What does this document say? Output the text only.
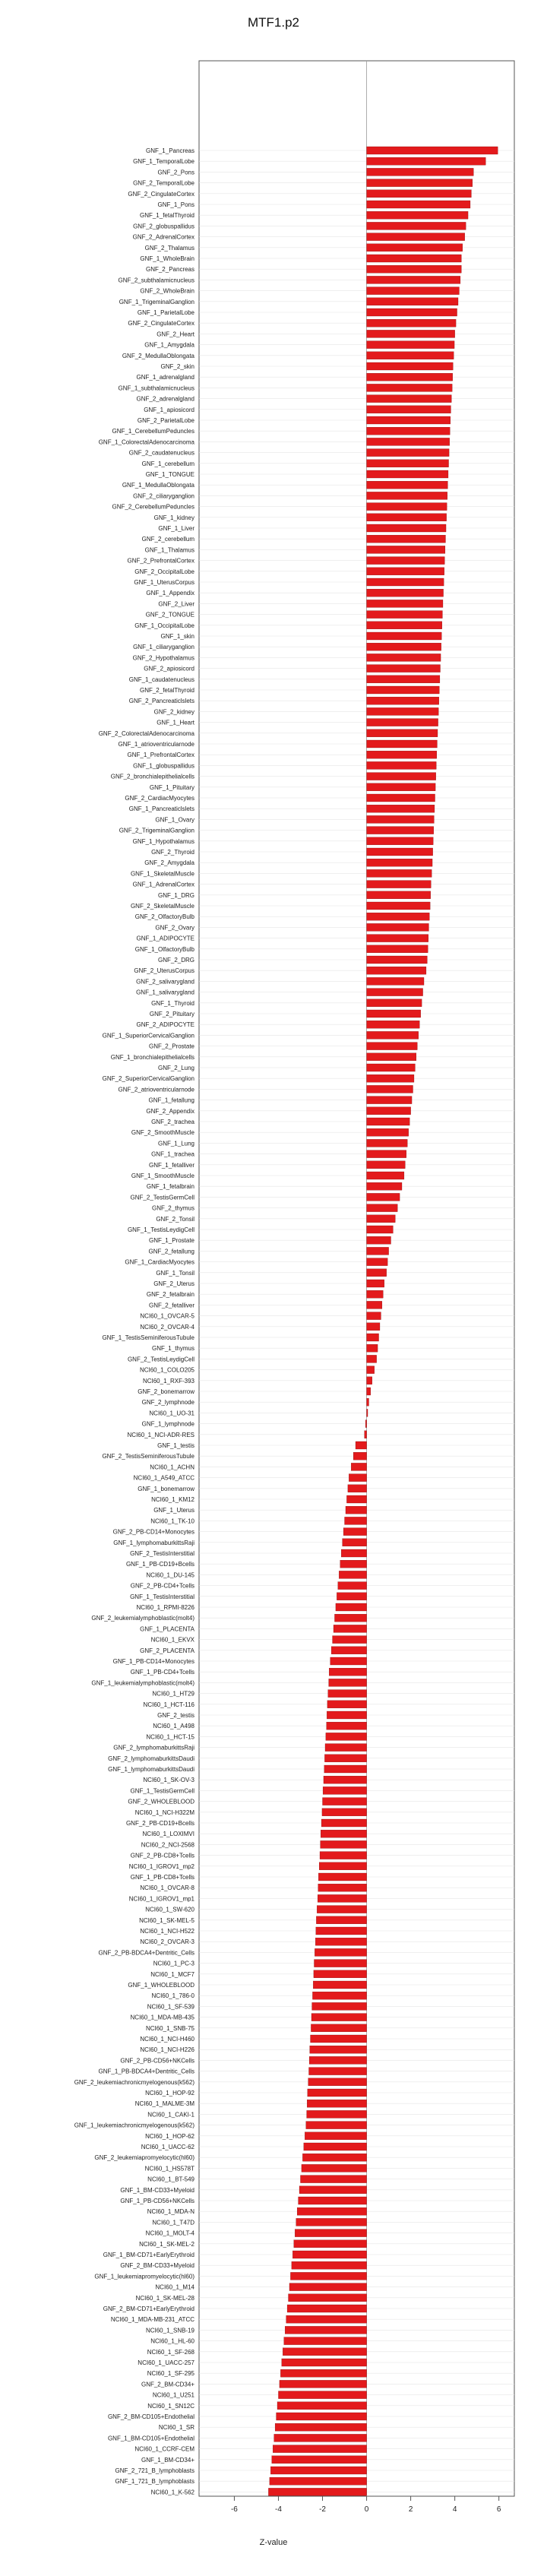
MTF1.p2
GNF_1_Pancreas
GNF_1_TemporalLobe
GNF_2_Pons
GNF_2_TemporalLobe
GNF_2_CingulateCortex
GNF_1_Pons
GNF_1_fetalThyroid
GNF_2_globuspallidus
GNF_2_AdrenalCortex
GNF_2_Thalamus
GNF_1_WholeBrain
GNF_2_Pancreas
GNF_2_subthalamicnucleus
GNF_2_WholeBrain
GNF_1_TrigeminalGanglion
GNF_1_ParietalLobe
GNF_2_CingulateCortex
GNF_2_Heart
GNF_1_Amygdala
GNF_2_MedullaOblongata
GNF_2_skin
GNF_1_adrenalgland
GNF_1_subthalamicnucleus
GNF_2_adrenalgland
GNF_1_apiosicord
GNF_2_ParietalLobe
GNF_1_CerebellumPeduncles
GNF_1_ColorectalAdenocarcinoma
GNF_2_caudatenucleus
GNF_1_cerebellum
GNF_1_TONGUE
GNF_1_MedullaOblongata
GNF_2_ciliaryganglion
GNF_2_CerebellumPeduncles
GNF_1_kidney
GNF_1_Liver
GNF_2_cerebellum
GNF_1_Thalamus
GNF_2_PrefrontalCortex
GNF_2_OccipitalLobe
GNF_1_UterusCorpus
GNF_1_Appendix
GNF_2_Liver
GNF_2_TONGUE
GNF_1_OccipitalLobe
GNF_1_skin
GNF_1_ciliaryganglion
GNF_2_Hypothalamus
GNF_2_apiosicord
GNF_1_caudatenucleus
GNF_2_fetalThyroid
GNF_2_Pancreaticlslets
GNF_2_kidney
GNF_1_Heart
GNF_2_ColorectalAdenocarcinoma
GNF_1_atrioventricularnode
GNF_1_PrefrontalCortex
GNF_1_globuspallidus
GNF_2_bronchialepithelialcells
GNF_1_Pituitary
GNF_2_CardiacMyocytes
GNF_1_Pancreaticlslets
GNF_1_Ovary
GNF_2_TrigeminalGanglion
GNF_1_Hypothalamus
GNF_2_Thyroid
GNF_2_Amygdala
GNF_1_SkeletalMuscle
GNF_1_AdrenalCortex
GNF_1_DRG
GNF_2_SkeletalMuscle
GNF_2_OlfactoryBulb
GNF_2_Ovary
GNF_1_ADIPOCYTE
GNF_1_OlfactoryBulb
GNF_2_DRG
GNF_2_UterusCorpus
GNF_2_salivarygland
GNF_1_salivarygland
GNF_1_Thyroid
GNF_2_Pituitary
GNF_2_ADIPOCYTE
GNF_1_SuperiorCervicalGanglion
GNF_2_Prostate
GNF_1_bronchialepithelialcells
GNF_2_Lung
GNF_2_SuperiorCervicalGanglion
GNF_2_atrioventricularnode
GNF_1_fetallung
GNF_2_Appendix
GNF_2_trachea
GNF_2_SmoothMuscle
GNF_1_Lung
GNF_1_trachea
GNF_1_fetalliver
GNF_1_SmoothMuscle
GNF_1_fetalbrain
GNF_2_TestisGermCell
GNF_2_thymus
GNF_2_Tonsil
GNF_1_TestisLeydigCell
GNF_1_Prostate
GNF_2_fetallung
GNF_1_CardiacMyocytes
GNF_1_Tonsil
GNF_2_Uterus
GNF_2_fetalbrain
GNF_2_fetalliver
NCI60_1_OVCAR-5
NCI60_2_OVCAR-4
GNF_1_TestisSeminiferousTubule
GNF_1_thymus
GNF_2_TestisLeydigCell
NCI60_1_COLO205
NCI60_1_RXF-393
GNF_2_bonemarrow
GNF_2_lymphnode
NCI60_1_UO-31
GNF_1_lymphnode
NCI60_1_NCI-ADR-RES
GNF_1_testis
GNF_2_TestisSeminiferousTubule
NCI60_1_ACHN
NCI60_1_A549_ATCC
GNF_1_bonemarrow
NCI60_1_KM12
GNF_1_Uterus
NCI60_1_TK-10
GNF_2_PB-CD14+Monocytes
GNF_1_lymphomaburkittsRaji
GNF_2_TestisInterstitial
GNF_1_PB-CD19+Bcells
NCI60_1_DU-145
GNF_2_PB-CD4+Tcells
GNF_1_TestisInterstitial
NCI60_1_RPMI-8226
GNF_2_leukemialymphoblastic(molt4)
GNF_1_PLACENTA
NCI60_1_EKVX
GNF_2_PLACENTA
GNF_1_PB-CD14+Monocytes
GNF_1_PB-CD4+Tcells
GNF_1_leukemialymphoblastic(molt4)
NCI60_1_HT29
NCI60_1_HCT-116
GNF_2_testis
NCI60_1_A498
NCI60_1_HCT-15
GNF_2_lymphomaburkittsRaji
GNF_2_lymphomaburkittsDaudi
GNF_1_lymphomaburkittsDaudi
NCI60_1_SK-OV-3
GNF_1_TestisGermCell
GNF_2_WHOLEBLOOD
NCI60_1_NCI-H322M
GNF_2_PB-CD19+Bcells
NCI60_1_LOXIMVI
NCI60_2_NCI-2568
GNF_2_PB-CD8+Tcells
NCI60_1_IGROV1_mp2
GNF_1_PB-CD8+Tcells
NCI60_1_OVCAR-8
NCI60_1_IGROV1_mp1
NCI60_1_SW-620
NCI60_1_SK-MEL-5
NCI60_1_NCI-H522
NCI60_2_OVCAR-3
GNF_2_PB-BDCA4+Dentritic_Cells
NCI60_1_PC-3
NCI60_1_MCF7
GNF_1_WHOLEBLOOD
NCI60_1_786-0
NCI60_1_SF-539
NCI60_1_MDA-MB-435
NCI60_1_SNB-75
NCI60_1_NCI-H460
NCI60_1_NCI-H226
GNF_2_PB-CD56+NKCells
GNF_1_PB-BDCA4+Dentritic_Cells
GNF_2_leukemiachronicmyelogenous(k562)
NCI60_1_HOP-92
NCI60_1_MALME-3M
NCI60_1_CAKI-1
GNF_1_leukemiachronicmyelogenous(k562)
NCI60_1_HOP-62
NCI60_1_UACC-62
GNF_2_leukemiapromyelocytic(hl60)
NCI60_1_HS578T
NCI60_1_BT-549
GNF_1_BM-CD33+Myeloid
GNF_1_PB-CD56+NKCells
NCI60_1_MDA-N
NCI60_1_T47D
NCI60_1_MOLT-4
NCI60_1_SK-MEL-2
GNF_1_BM-CD71+EarlyErythroid
GNF_2_BM-CD33+Myeloid
GNF_1_leukemiapromyelocytic(hl60)
NCI60_1_M14
NCI60_1_SK-MEL-28
GNF_2_BM-CD71+EarlyErythroid
NCI60_1_MDA-MB-231_ATCC
NCI60_1_SNB-19
NCI60_1_HL-60
NCI60_1_SF-268
NCI60_1_UACC-257
NCI60_1_SF-295
GNF_2_BM-CD34+
NCI60_1_U251
NCI60_1_SN12C
GNF_2_BM-CD105+Endothelial
NCI60_1_SR
GNF_1_BM-CD105+Endothelial
NCI60_1_CCRF-CEM
GNF_1_BM-CD34+
GNF_2_721_B_lymphoblasts
GNF_1_721_B_lymphoblasts
NCI60_1_K-562
-6	-4	-2	0	2	4	6
Z-value
